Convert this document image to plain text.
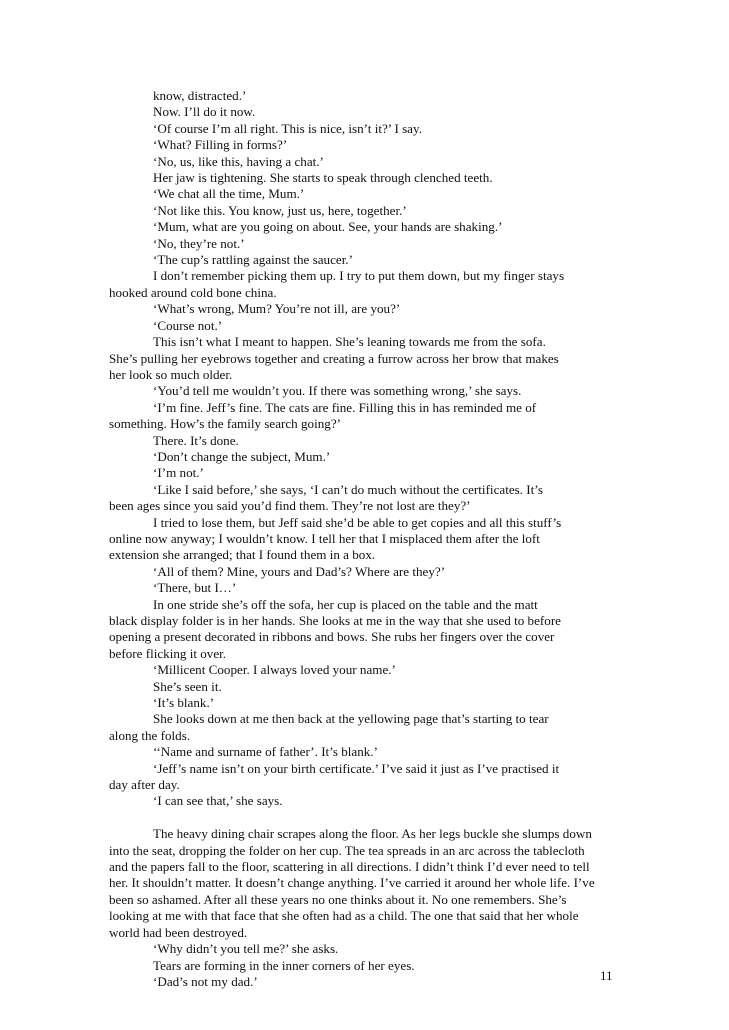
know, distracted.’
Now. I’ll do it now.
‘Of course I’m all right. This is nice, isn’t it?’ I say.
‘What? Filling in forms?’
‘No, us, like this, having a chat.’
Her jaw is tightening. She starts to speak through clenched teeth.
‘We chat all the time, Mum.’
‘Not like this. You know, just us, here, together.’
‘Mum, what are you going on about. See, your hands are shaking.’
‘No, they’re not.’
‘The cup’s rattling against the saucer.’
I don’t remember picking them up. I try to put them down, but my finger stays
hooked around cold bone china.
‘What’s wrong, Mum? You’re not ill, are you?’
‘Course not.’
This isn’t what I meant to happen. She’s leaning towards me from the sofa.
She’s pulling her eyebrows together and creating a furrow across her brow that makes
her look so much older.
‘You’d tell me wouldn’t you. If there was something wrong,’ she says.
‘I’m fine. Jeff’s fine. The cats are fine. Filling this in has reminded me of
something. How’s the family search going?’
There. It’s done.
‘Don’t change the subject, Mum.’
‘I’m not.’
‘Like I said before,’ she says, ‘I can’t do much without the certificates. It’s
been ages since you said you’d find them. They’re not lost are they?’
I tried to lose them, but Jeff said she’d be able to get copies and all this stuff’s
online now anyway; I wouldn’t know. I tell her that I misplaced them after the loft
extension she arranged; that I found them in a box.
‘All of them? Mine, yours and Dad’s? Where are they?’
‘There, but I…’
In one stride she’s off the sofa, her cup is placed on the table and the matt
black display folder is in her hands. She looks at me in the way that she used to before
opening a present decorated in ribbons and bows. She rubs her fingers over the cover
before flicking it over.
‘Millicent Cooper. I always loved your name.’
She’s seen it.
‘It’s blank.’
She looks down at me then back at the yellowing page that’s starting to tear
along the folds.
‘‘Name and surname of father’. It’s blank.’
‘Jeff’s name isn’t on your birth certificate.’ I’ve said it just as I’ve practised it
day after day.
‘I can see that,’ she says.
The heavy dining chair scrapes along the floor. As her legs buckle she slumps down
into the seat, dropping the folder on her cup. The tea spreads in an arc across the tablecloth
and the papers fall to the floor, scattering in all directions. I didn’t think I’d ever need to tell
her. It shouldn’t matter. It doesn’t change anything. I’ve carried it around her whole life. I’ve
been so ashamed. After all these years no one thinks about it. No one remembers. She’s
looking at me with that face that she often had as a child. The one that said that her whole
world had been destroyed.
‘Why didn’t you tell me?’ she asks.
Tears are forming in the inner corners of her eyes.
‘Dad’s not my dad.’	11
